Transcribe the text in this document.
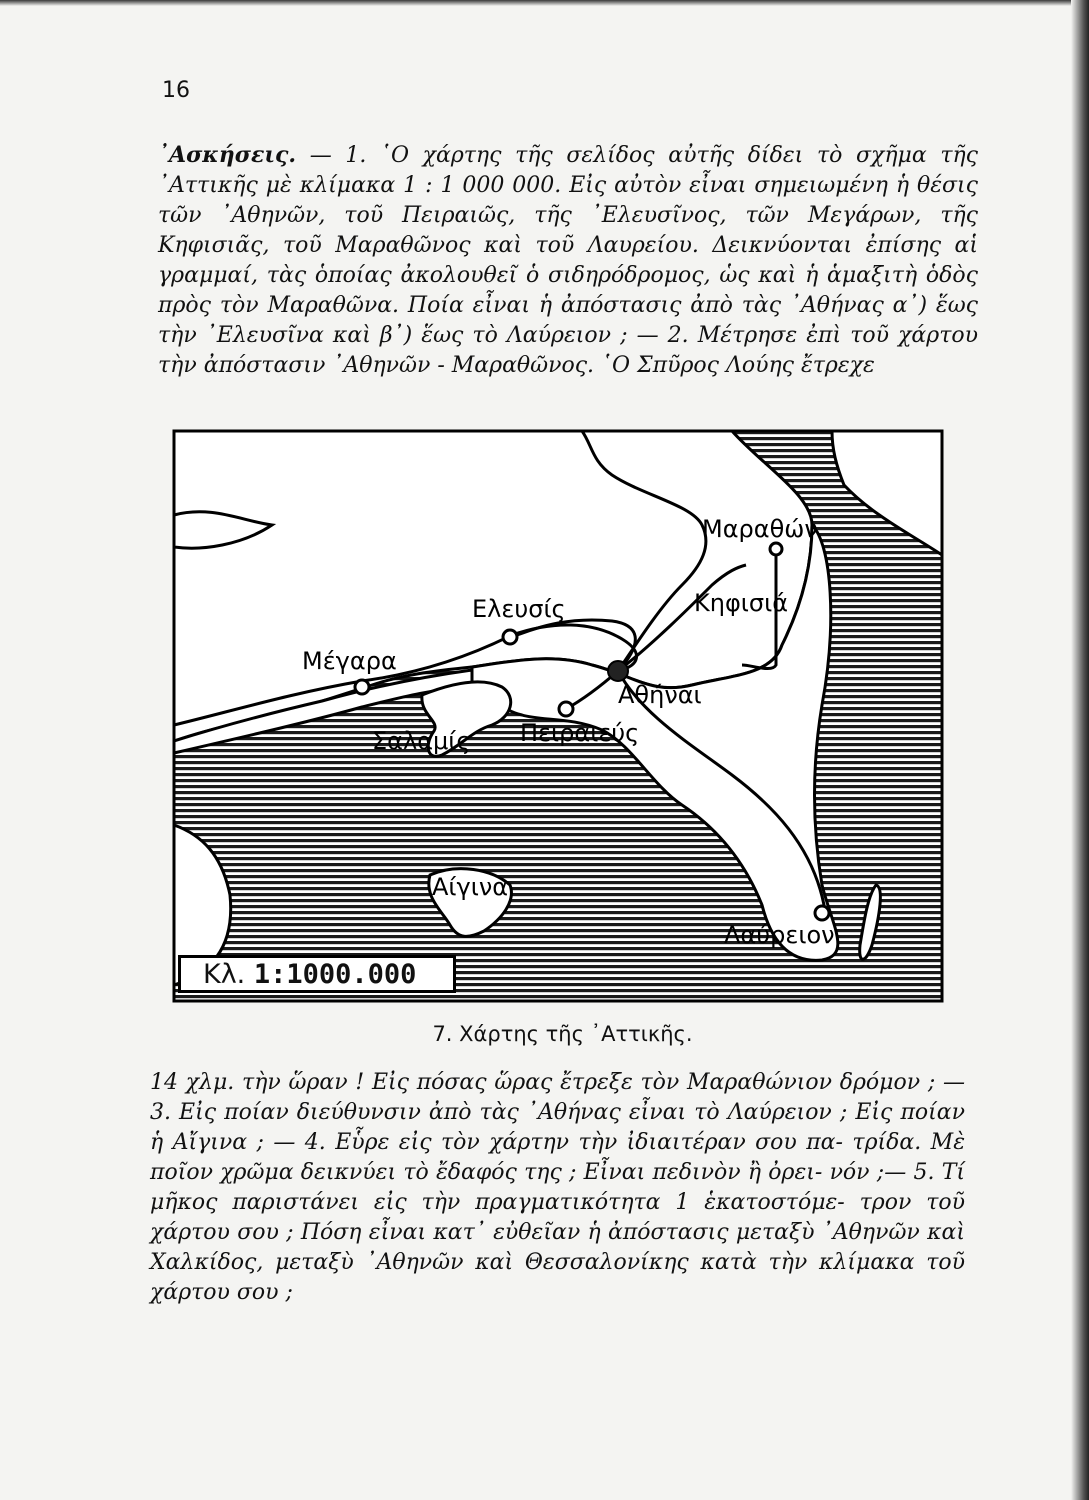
16
᾿Ασκήσεις. — 1. ῾Ο χάρτης τῆς σελίδος αὐτῆς δίδει τὸ σχῆμα τῆς ᾿Αττικῆς μὲ κλίμακα 1 : 1 000 000. Εἰς αὐτὸν εἶναι σημειωμένη ἡ θέσις τῶν ᾿Αθηνῶν, τοῦ Πειραιῶς, τῆς ᾿Ελευσῖνος, τῶν Μεγάρων, τῆς Κηφισιᾶς, τοῦ Μαραθῶνος καὶ τοῦ Λαυρείου. Δεικνύονται ἐπίσης αἱ γραμμαί, τὰς ὁποίας ἀκολουθεῖ ὁ σιδηρόδρομος, ὡς καὶ ἡ ἁμαξιτὴ ὁδὸς πρὸς τὸν Μαραθῶνα. Ποία εἶναι ἡ ἀπόστασις ἀπὸ τὰς ᾿Αθήνας α᾽) ἕως τὴν ᾿Ελευσῖνα καὶ β᾽) ἕως τὸ Λαύρειον ; — 2. Μέτρησε ἐπὶ τοῦ χάρτου τὴν ἀπόστασιν ᾿Αθηνῶν - Μαραθῶνος. ῾Ο Σπῦρος Λούης ἔτρεχε
Μαραθών
Κηφισιά
Ελευσίς
Μέγαρα
Αθήναι
Σαλαμίς Πειραιεύς
Αίγινα
Λαύρειον
Κλ. 1:1000.000
7. Χάρτης τῆς ᾿Αττικῆς.
14 χλμ. τὴν ὥραν ! Εἰς πόσας ὥρας ἔτρεξε τὸν Μαραθώνιον δρόμον ; — 3. Εἰς ποίαν διεύθυνσιν ἀπὸ τὰς ᾿Αθήνας εἶναι τὸ Λαύρειον ; Εἰς ποίαν ἡ Αἴγινα ; — 4. Εὗρε εἰς τὸν χάρτην τὴν ἰδιαιτέραν σου πα- τρίδα. Μὲ ποῖον χρῶμα δεικνύει τὸ ἔδαφός της ; Εἶναι πεδινὸν ἢ ὀρει- νόν ;— 5. Τί μῆκος παριστάνει εἰς τὴν πραγματικότητα 1 ἑκατοστόμε- τρον τοῦ χάρτου σου ; Πόση εἶναι κατ᾽ εὐθεῖαν ἡ ἀπόστασις μεταξὺ ᾿Αθηνῶν καὶ Χαλκίδος, μεταξὺ ᾿Αθηνῶν καὶ Θεσσαλονίκης κατὰ τὴν κλίμακα τοῦ χάρτου σου ;
